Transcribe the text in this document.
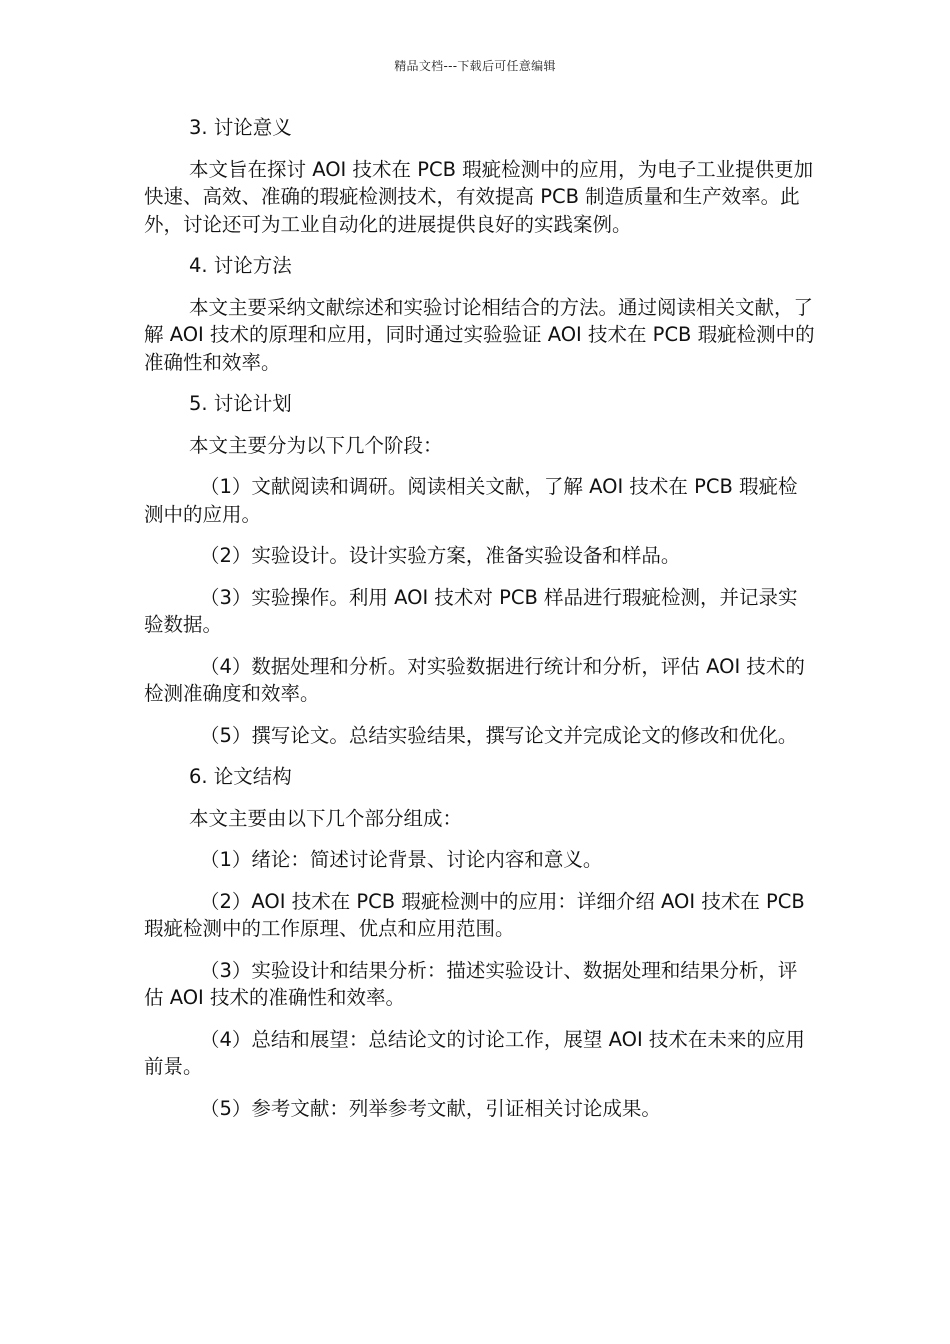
精品文档---下载后可任意编辑

3. 讨论意义

本文旨在探讨 AOI 技术在 PCB 瑕疵检测中的应用，为电子工业提供更加快速、高效、准确的瑕疵检测技术，有效提高 PCB 制造质量和生产效率。此外，讨论还可为工业自动化的进展提供良好的实践案例。

4. 讨论方法

本文主要采纳文献综述和实验讨论相结合的方法。通过阅读相关文献，了解 AOI 技术的原理和应用，同时通过实验验证 AOI 技术在 PCB 瑕疵检测中的准确性和效率。

5. 讨论计划

本文主要分为以下几个阶段：

（1）文献阅读和调研。阅读相关文献，了解 AOI 技术在 PCB 瑕疵检测中的应用。

（2）实验设计。设计实验方案，准备实验设备和样品。

（3）实验操作。利用 AOI 技术对 PCB 样品进行瑕疵检测，并记录实验数据。

（4）数据处理和分析。对实验数据进行统计和分析，评估 AOI 技术的检测准确度和效率。

（5）撰写论文。总结实验结果，撰写论文并完成论文的修改和优化。

6. 论文结构

本文主要由以下几个部分组成：

（1）绪论：简述讨论背景、讨论内容和意义。

（2）AOI 技术在 PCB 瑕疵检测中的应用：详细介绍 AOI 技术在 PCB 瑕疵检测中的工作原理、优点和应用范围。

（3）实验设计和结果分析：描述实验设计、数据处理和结果分析，评估 AOI 技术的准确性和效率。

（4）总结和展望：总结论文的讨论工作，展望 AOI 技术在未来的应用前景。

（5）参考文献：列举参考文献，引证相关讨论成果。
